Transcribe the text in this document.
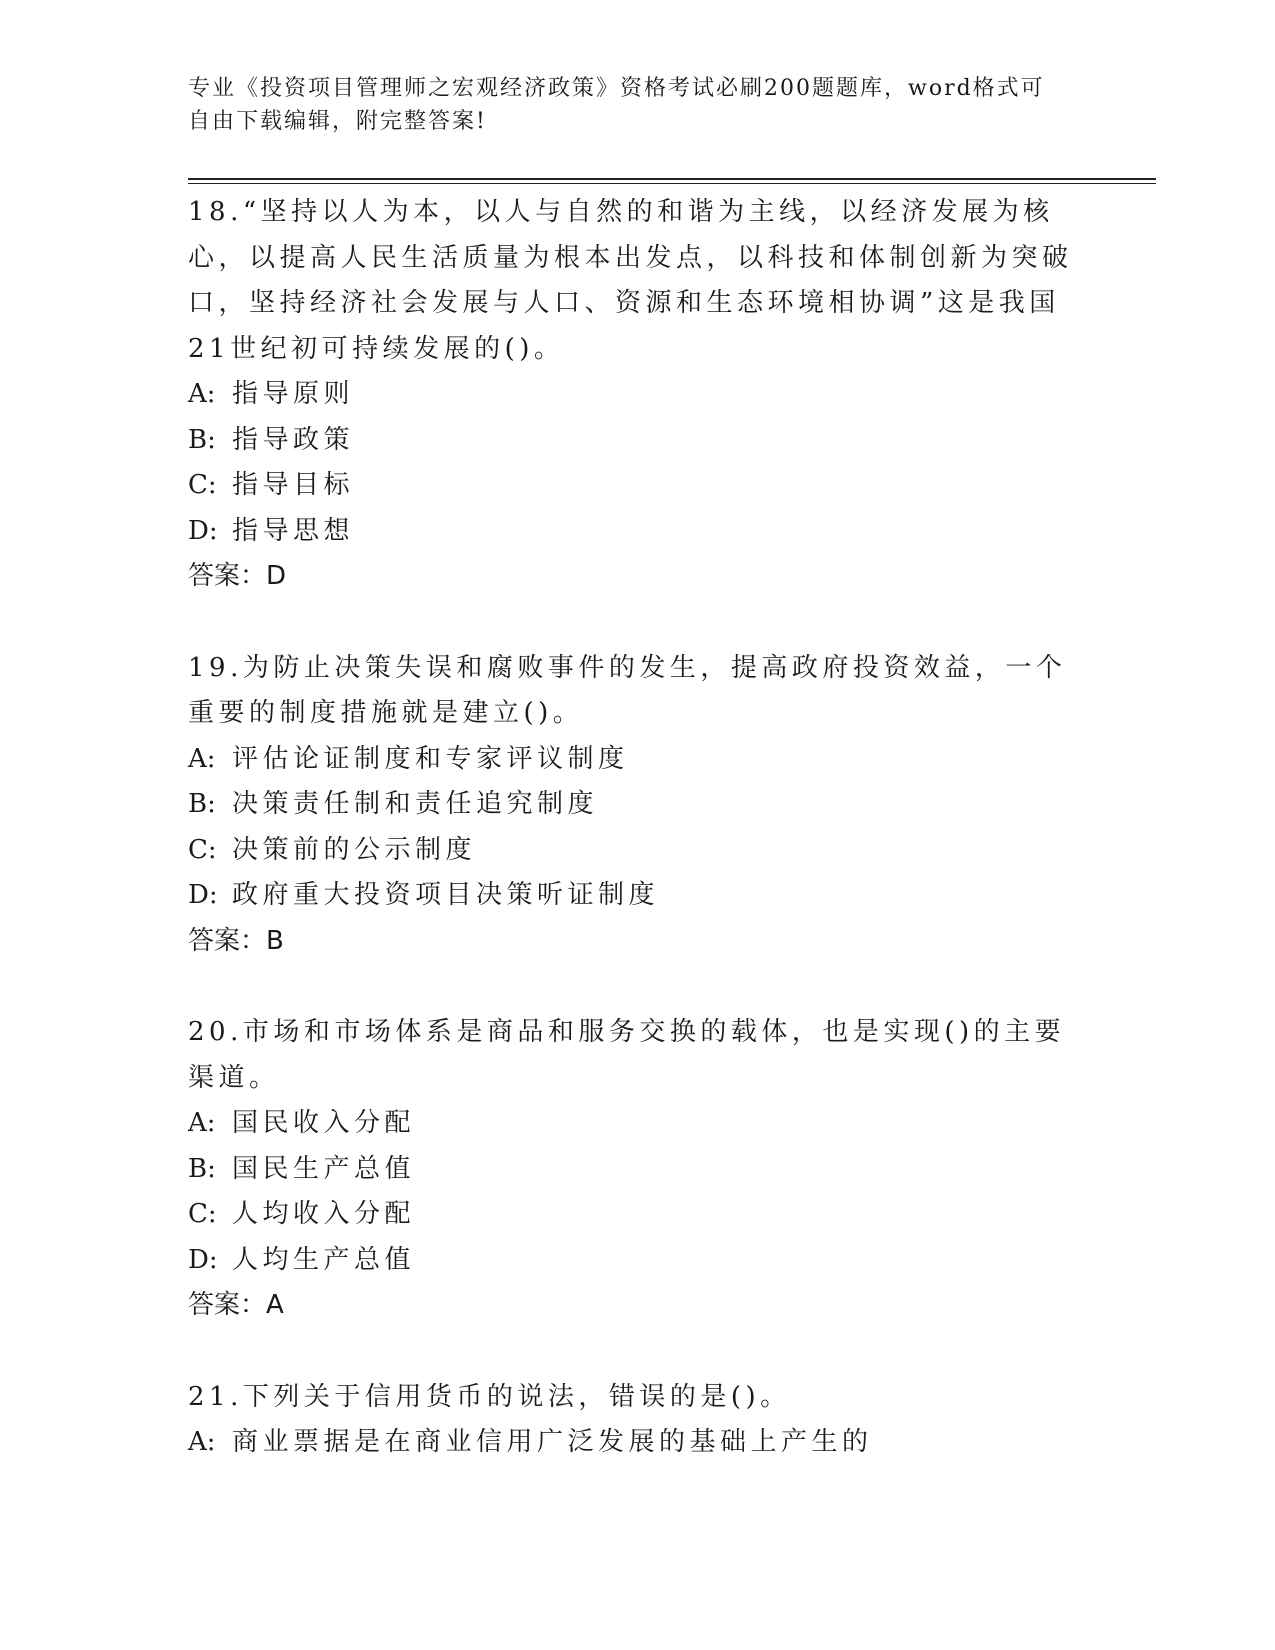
专业《投资项目管理师之宏观经济政策》资格考试必刷200题题库，word格式可
自由下载编辑，附完整答案!

18.“坚持以人为本，以人与自然的和谐为主线，以经济发展为核心，以提高人民生活质量为根本出发点，以科技和体制创新为突破口，坚持经济社会发展与人口、资源和生态环境相协调”这是我国21世纪初可持续发展的()。

A: 指导原则

B: 指导政策

C: 指导目标

D: 指导思想

答案：D

19.为防止决策失误和腐败事件的发生，提高政府投资效益，一个重要的制度措施就是建立()。

A: 评估论证制度和专家评议制度

B: 决策责任制和责任追究制度

C: 决策前的公示制度

D: 政府重大投资项目决策听证制度

答案：B

20.市场和市场体系是商品和服务交换的载体，也是实现()的主要渠道。

A: 国民收入分配

B: 国民生产总值

C: 人均收入分配

D: 人均生产总值

答案：A

21.下列关于信用货币的说法，错误的是()。

A: 商业票据是在商业信用广泛发展的基础上产生的
